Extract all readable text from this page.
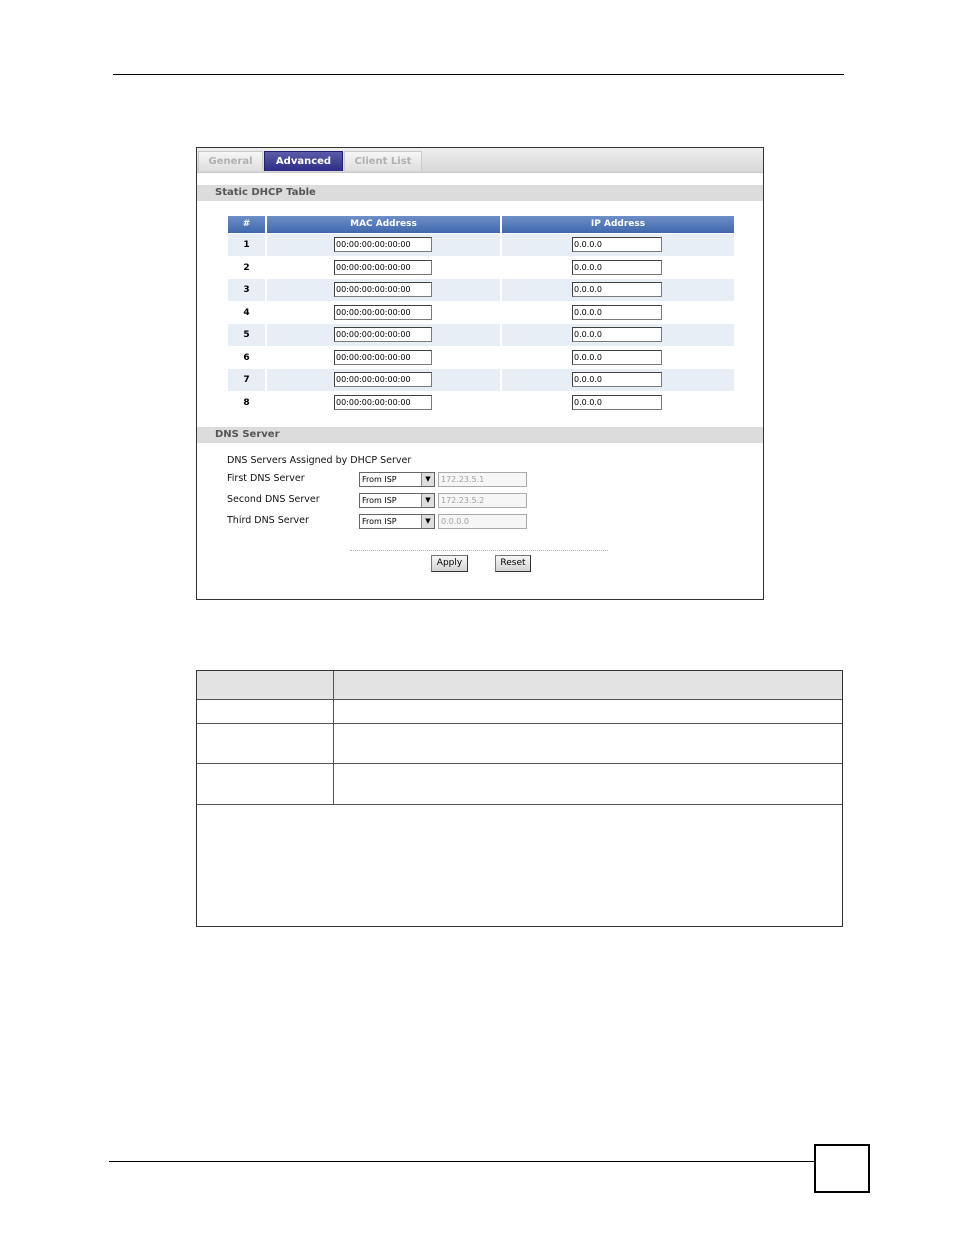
General	Advanced	Client List
Static DHCP Table
#	MAC Address	IP Address
1	00:00:00:00:00:00	0.0.0.0
2	00:00:00:00:00:00	0.0.0.0
3	00:00:00:00:00:00	0.0.0.0
4	00:00:00:00:00:00	0.0.0.0
5	00:00:00:00:00:00	0.0.0.0
6	00:00:00:00:00:00	0.0.0.0
7	00:00:00:00:00:00	0.0.0.0
8	00:00:00:00:00:00	0.0.0.0
DNS Server
DNS Servers Assigned by DHCP Server
First DNS Server	From ISP	▼	172.23.5.1
Second DNS Server	From ISP	▼	172.23.5.2
Third DNS Server	From ISP	▼	0.0.0.0
Apply	Reset
